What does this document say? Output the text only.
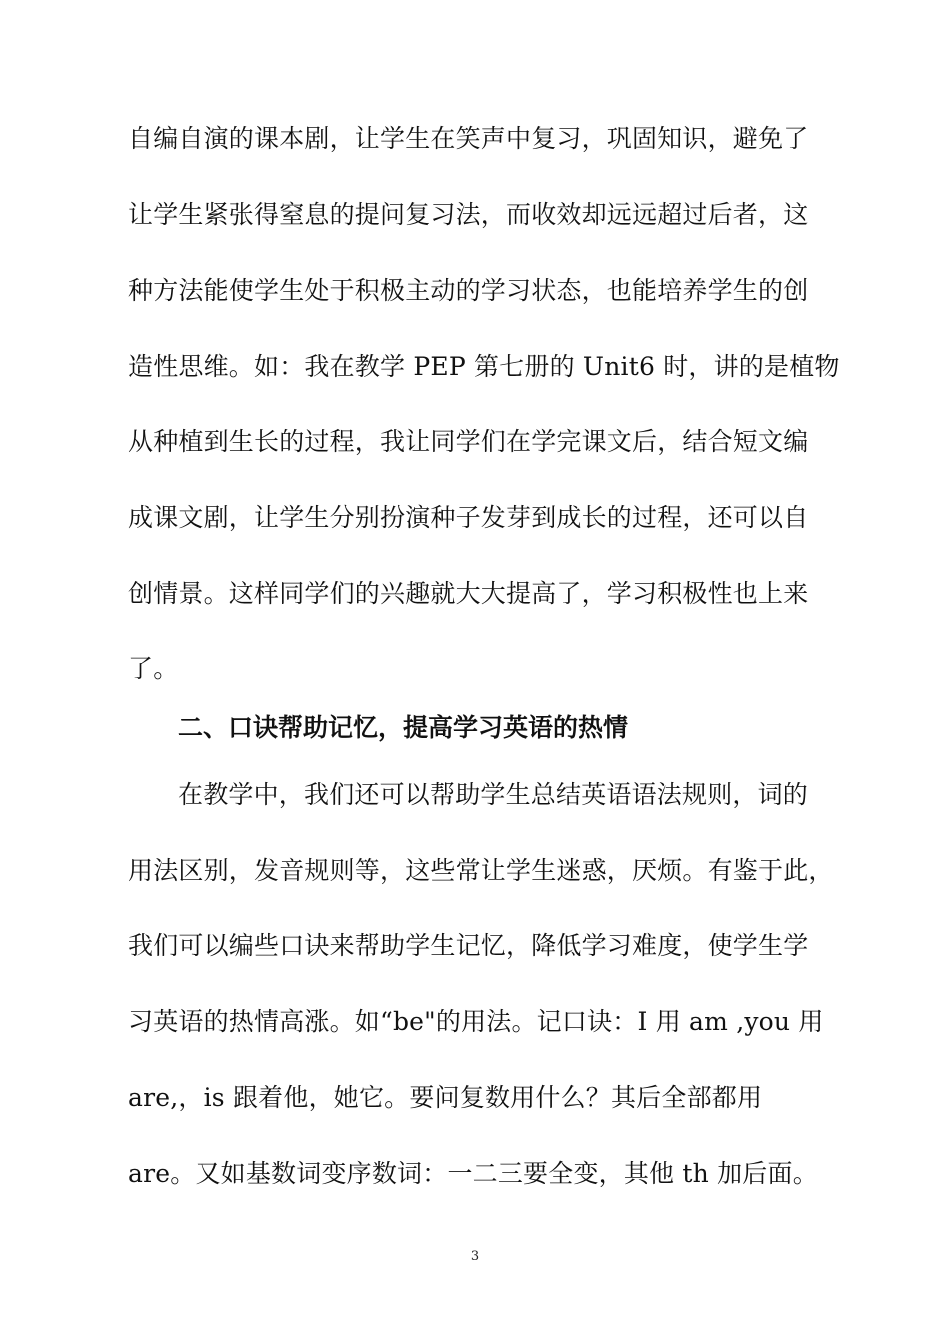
自编自演的课本剧，让学生在笑声中复习，巩固知识，避免了
让学生紧张得窒息的提问复习法，而收效却远远超过后者，这
种方法能使学生处于积极主动的学习状态，也能培养学生的创
造性思维。如：我在教学 PEP 第七册的 Unit6 时，讲的是植物
从种植到生长的过程，我让同学们在学完课文后，结合短文编
成课文剧，让学生分别扮演种子发芽到成长的过程，还可以自
创情景。这样同学们的兴趣就大大提高了，学习积极性也上来
了。
二、口诀帮助记忆，提高学习英语的热情
在教学中，我们还可以帮助学生总结英语语法规则，词的
用法区别，发音规则等，这些常让学生迷惑，厌烦。有鉴于此，
我们可以编些口诀来帮助学生记忆，降低学习难度，使学生学
习英语的热情高涨。如“be"的用法。记口诀：I 用 am ,you 用
are,，is 跟着他，她它。要问复数用什么？其后全部都用
are。又如基数词变序数词：一二三要全变，其他 th 加后面。
3
